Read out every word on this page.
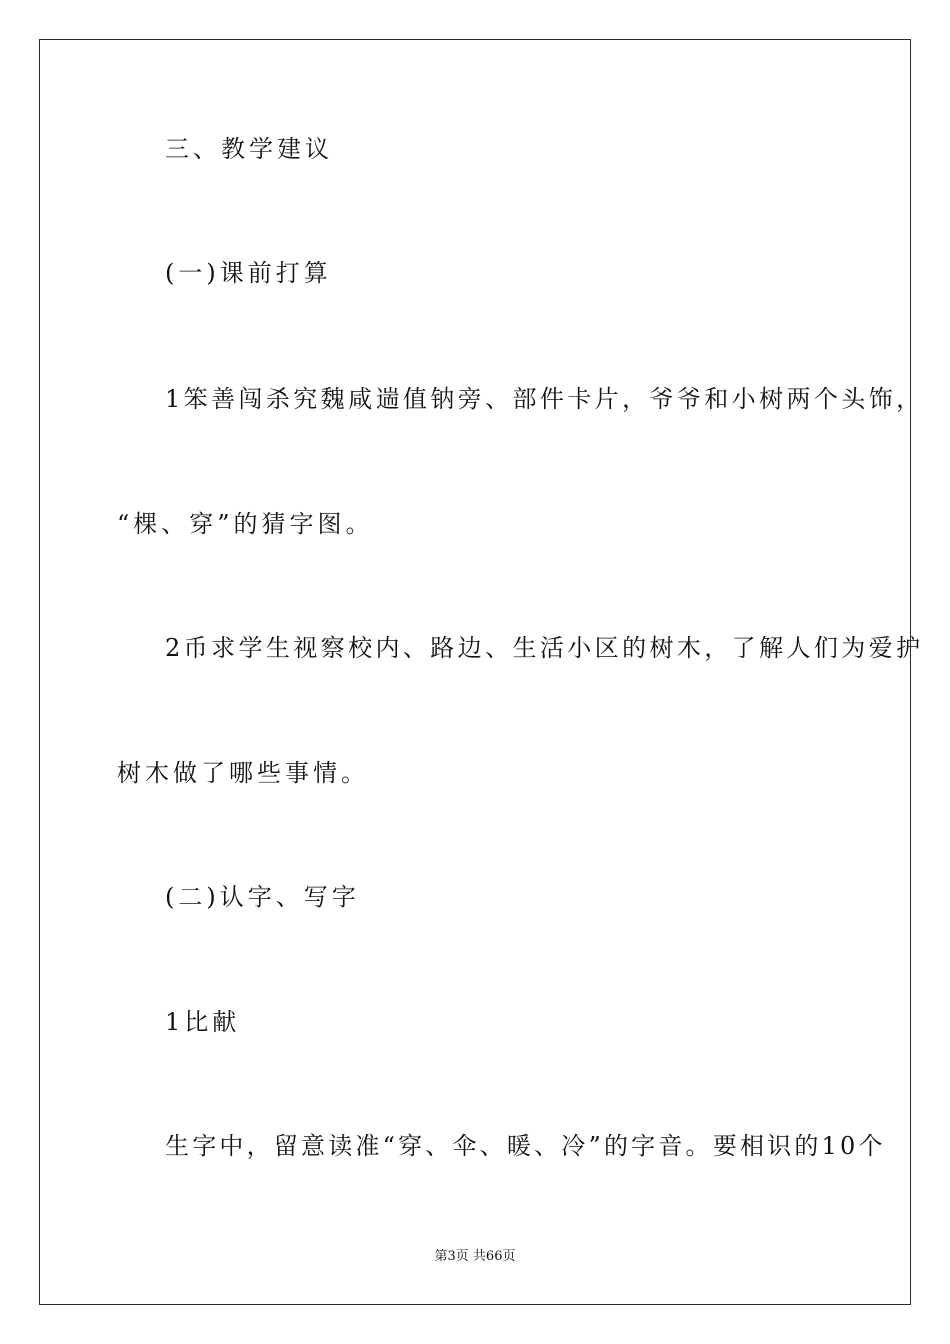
三、教学建议
(一)课前打算
1笨善闯杀究魏咸遄值钠旁、部件卡片，爷爷和小树两个头饰，
“棵、穿”的猜字图。
2币求学生视察校内、路边、生活小区的树木，了解人们为爱护
树木做了哪些事情。
(二)认字、写字
1比献
生字中，留意读准“穿、伞、暖、冷”的字音。要相识的10个
第3页 共66页
